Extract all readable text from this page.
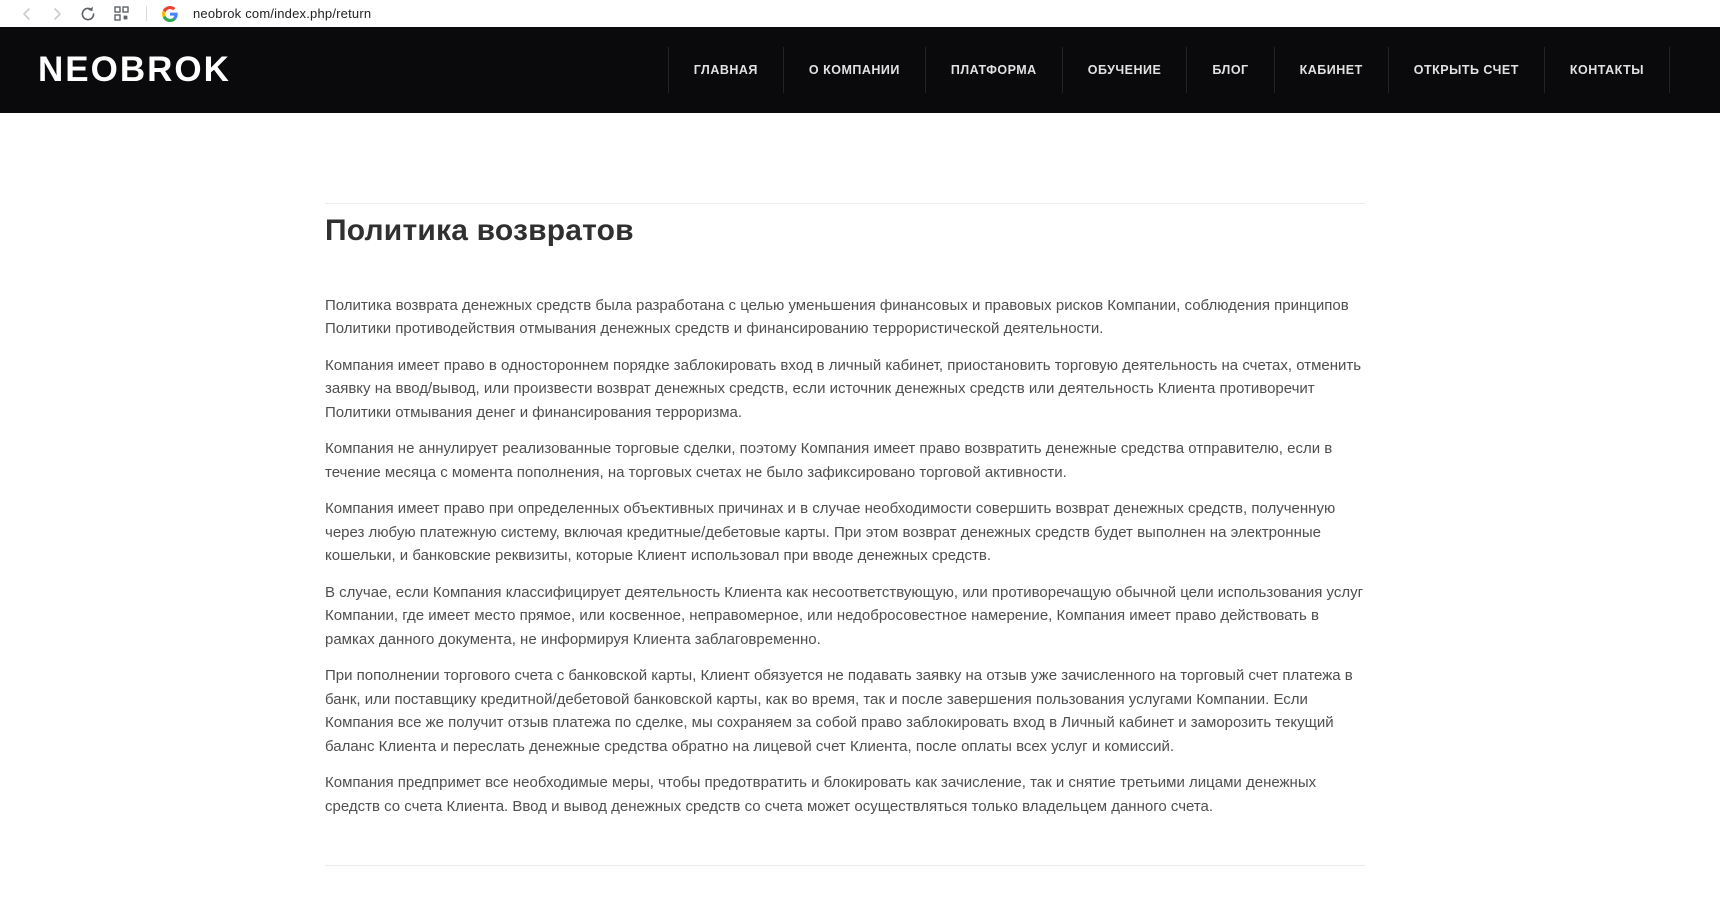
neobrok com/index.php/return
NEOBROK	ГЛАВНАЯ	О КОМПАНИИ	ПЛАТФОРМА	ОБУЧЕНИЕ	БЛОГ	КАБИНЕТ	ОТКРЫТЬ СЧЕТ	КОНТАКТЫ
Политика возвратов

Политика возврата денежных средств была разработана с целью уменьшения финансовых и правовых рисков Компании, соблюдения принципов Политики противодействия отмывания денежных средств и финансированию террористической деятельности.

Компания имеет право в одностороннем порядке заблокировать вход в личный кабинет, приостановить торговую деятельность на счетах, отменить заявку на ввод/вывод, или произвести возврат денежных средств, если источник денежных средств или деятельность Клиента противоречит Политики отмывания денег и финансирования терроризма.

Компания не аннулирует реализованные торговые сделки, поэтому Компания имеет право возвратить денежные средства отправителю, если в течение месяца с момента пополнения, на торговых счетах не было зафиксировано торговой активности.

Компания имеет право при определенных объективных причинах и в случае необходимости совершить возврат денежных средств, полученную через любую платежную систему, включая кредитные/дебетовые карты. При этом возврат денежных средств будет выполнен на электронные кошельки, и банковские реквизиты, которые Клиент использовал при вводе денежных средств.

В случае, если Компания классифицирует деятельность Клиента как несоответствующую, или противоречащую обычной цели использования услуг Компании, где имеет место прямое, или косвенное, неправомерное, или недобросовестное намерение, Компания имеет право действовать в рамках данного документа, не информируя Клиента заблаговременно.

При пополнении торгового счета с банковской карты, Клиент обязуется не подавать заявку на отзыв уже зачисленного на торговый счет платежа в банк, или поставщику кредитной/дебетовой банковской карты, как во время, так и после завершения пользования услугами Компании. Если Компания все же получит отзыв платежа по сделке, мы сохраняем за собой право заблокировать вход в Личный кабинет и заморозить текущий баланс Клиента и переслать денежные средства обратно на лицевой счет Клиента, после оплаты всех услуг и комиссий.

Компания предпримет все необходимые меры, чтобы предотвратить и блокировать как зачисление, так и снятие третьими лицами денежных средств со счета Клиента. Ввод и вывод денежных средств со счета может осуществляться только владельцем данного счета.
